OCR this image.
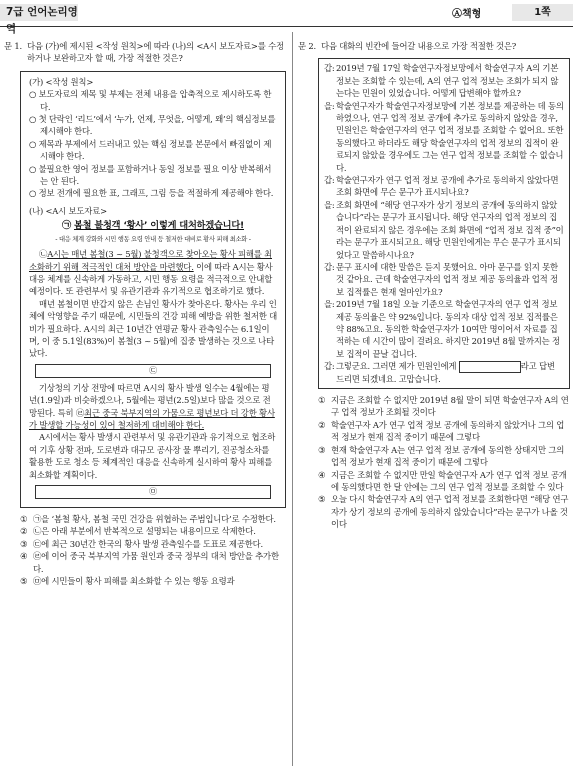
7급 언어논리영역
Ⓐ책형	1쪽
문 1. 다음 (가)에 제시된 <작성 원칙>에 따라 (나)의 <A시 보도자료>를 수정하거나 보완하고자 할 때, 가장 적절한 것은?

(가) <작성 원칙>

○ 보도자료의 제목 및 부제는 전체 내용을 압축적으로 제시하도록 한다.

○ 첫 단락인 ‘리드’에서 ‘누가, 언제, 무엇을, 어떻게, 왜’의 핵심정보를 제시해야 한다.

○ 제목과 부제에서 드러내고 있는 핵심 정보를 본문에서 빠짐없이 제시해야 한다.

○ 불필요한 영어 정보를 포함하거나 동일 정보를 필요 이상 반복해서는 안 된다.

○ 정보 전개에 필요한 표, 그래프, 그림 등을 적절하게 제공해야 한다.

(나) <A시 보도자료>

㉠ 봄철 불청객 ‘황사’ 이렇게 대처하겠습니다!
- 대응 체계 강화와 시민 행동 요령 안내 등 철저한 대비로 황사 피해 최소화 -

㉡A시는 매년 봄철(3 ~ 5월) 불청객으로 찾아오는 황사 피해를 최소화하기 위해 적극적인 대처 방안을 마련했다. 이에 따라 A시는 황사 대응 체계를 신속하게 가동하고, 시민 행동 요령을 적극적으로 안내할 예정이다. 또 관련부서 및 유관기관과 유기적으로 협조하기로 했다.

매년 봄철이면 반갑지 않은 손님인 황사가 찾아온다. 황사는 우리 인체에 악영향을 주기 때문에, 시민들의 건강 피해 예방을 위한 철저한 대비가 필요하다. A시의 최근 10년간 연평균 황사 관측일수는 6.1일이며, 이 중 5.1일(83%)이 봄철(3 ~ 5월)에 집중 발생하는 것으로 나타났다.

㉢

기상청의 기상 전망에 따르면 A시의 황사 발생 일수는 4월에는 평년(1.9일)과 비슷하겠으나, 5월에는 평년(2.5일)보다 많을 것으로 전망된다. 특히 ㉣최근 중국 북부지역의 가뭄으로 평년보다 더 강한 황사가 발생할 가능성이 있어 철저하게 대비해야 한다.

A시에서는 황사 발생시 관련부서 및 유관기관과 유기적으로 협조하여 기후 상황 전파, 도로변과 대규모 공사장 물 뿌리기, 진공청소차를 활용한 도로 청소 등 체계적인 대응을 신속하게 실시하여 황사 피해를 최소화할 계획이다.

㉤
① ㉠을 ‘봄철 황사, 봄철 국민 건강을 위협하는 주범입니다’로 수정한다.
② ㉡은 아래 부분에서 반복적으로 설명되는 내용이므로 삭제한다.
③ ㉢에 최근 30년간 한국의 황사 발생 관측일수를 도표로 제공한다.
④ ㉣에 이어 중국 북부지역 가뭄 원인과 중국 정부의 대처 방안을 추가한다.
⑤ ㉤에 시민들이 황사 피해를 최소화할 수 있는 행동 요령과
문 2. 다음 대화의 빈칸에 들어갈 내용으로 가장 적절한 것은?
갑: 2019년 7월 17일 학술연구자정보망에서 학술연구자 A의 기본 정보는 조회할 수 있는데, A의 연구 업적 정보는 조회가 되지 않는다는 민원이 있었습니다. 어떻게 답변해야 할까요?
을: 학술연구자가 학술연구자정보망에 기본 정보를 제공하는 데 동의하였으나, 연구 업적 정보 공개에 추가로 동의하지 않았을 경우, 민원인은 학술연구자의 연구 업적 정보를 조회할 수 없어요. 또한 동의했다고 하더라도 해당 학술연구자의 업적 정보의 집적이 완료되지 않았을 경우에도 그는 연구 업적 정보를 조회할 수 없습니다.
갑: 학술연구자가 연구 업적 정보 공개에 추가로 동의하지 않았다면 조회 화면에 무슨 문구가 표시되나요?
을: 조회 화면에 “해당 연구자가 상기 정보의 공개에 동의하지 않았습니다”라는 문구가 표시됩니다. 해당 연구자의 업적 정보의 집적이 완료되지 않은 경우에는 조회 화면에 “업적 정보 집적 중”이라는 문구가 표시되고요. 해당 민원인에게는 무슨 문구가 표시되었다고 말씀하시나요?
갑: 문구 표시에 대한 말씀은 듣지 못했어요. 아마 문구를 읽지 못한 것 같아요. 근데 학술연구자의 업적 정보 제공 동의율과 업적 정보 집적률은 현재 얼마인가요?
을: 2019년 7월 18일 오늘 기준으로 학술연구자의 연구 업적 정보 제공 동의율은 약 92%입니다. 동의자 대상 업적 정보 집적률은 약 88%고요. 동의한 학술연구자가 10여만 명이어서 자료를 집적하는 데 시간이 많이 걸려요. 하지만 2019년 8월 말까지는 정보 집적이 끝날 겁니다.
갑: 그렇군요. 그러면 제가 민원인에게	라고 답변 드리면 되겠네요. 고맙습니다.
① 지금은 조회할 수 없지만 2019년 8월 말이 되면 학술연구자 A의 연구 업적 정보가 조회될 것이다
② 학술연구자 A가 연구 업적 정보 공개에 동의하지 않았거나 그의 업적 정보가 현재 집적 중이기 때문에 그렇다
③ 현재 학술연구자 A는 연구 업적 정보 공개에 동의한 상태지만 그의 업적 정보가 현재 집적 중이기 때문에 그렇다
④ 지금은 조회할 수 없지만 만일 학술연구자 A가 연구 업적 정보 공개에 동의했다면 한 달 안에는 그의 연구 업적 정보를 조회할 수 있다
⑤ 오늘 다시 학술연구자 A의 연구 업적 정보를 조회한다면 “해당 연구자가 상기 정보의 공개에 동의하지 않았습니다”라는 문구가 나올 것이다
